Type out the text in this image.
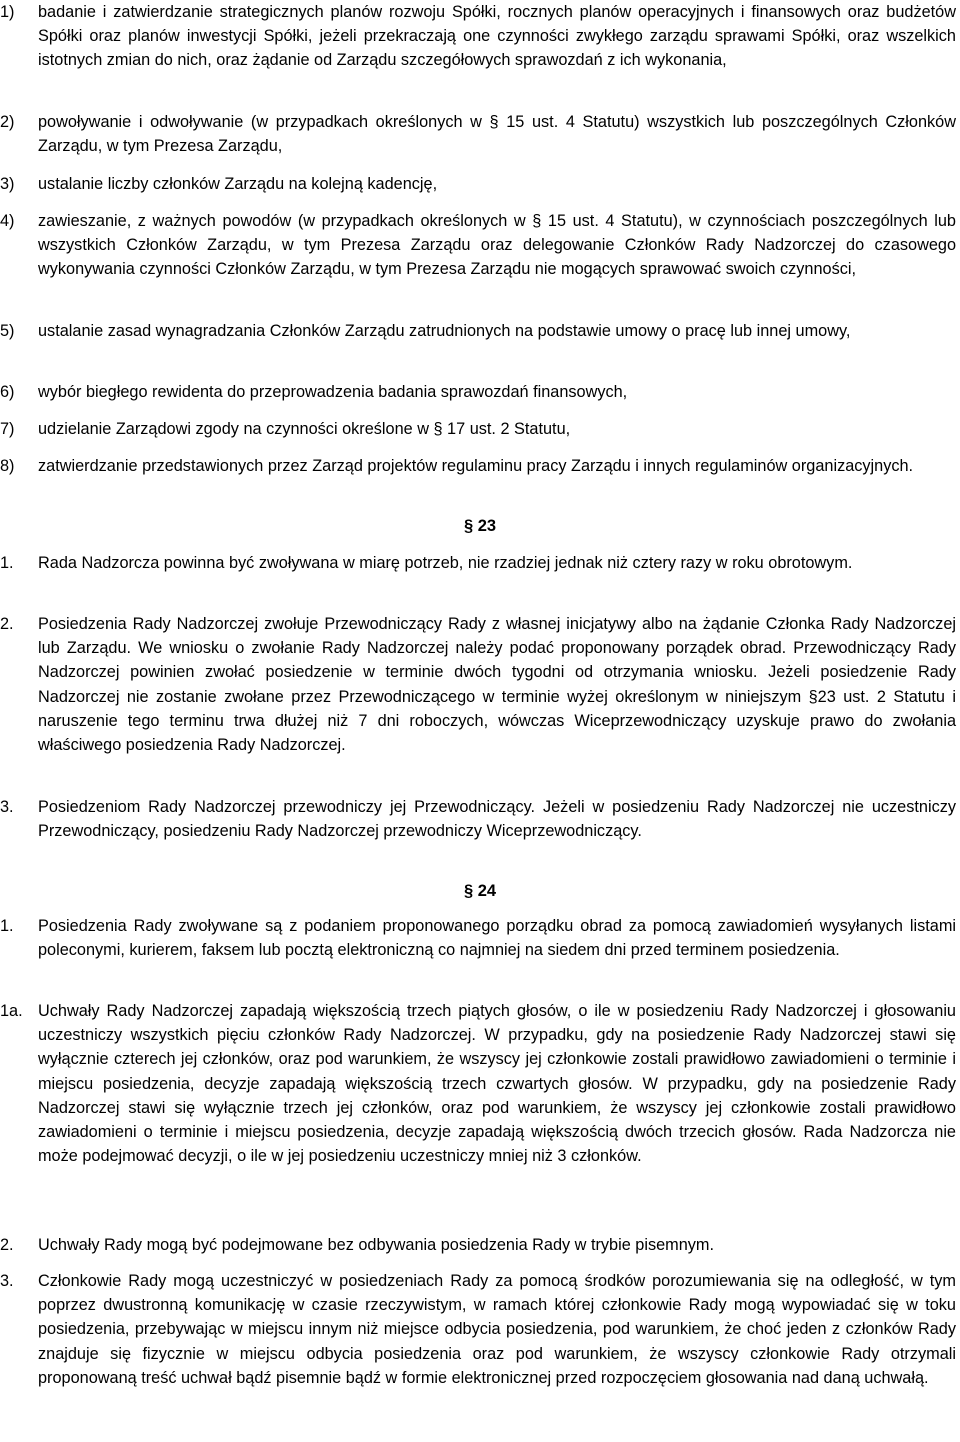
1) badanie i zatwierdzanie strategicznych planów rozwoju Spółki, rocznych planów operacyjnych i finansowych oraz budżetów Spółki oraz planów inwestycji Spółki, jeżeli przekraczają one czynności zwykłego zarządu sprawami Spółki, oraz wszelkich istotnych zmian do nich, oraz żądanie od Zarządu szczegółowych sprawozdań z ich wykonania,
2) powoływanie i odwoływanie (w przypadkach określonych w § 15 ust. 4 Statutu) wszystkich lub poszczególnych Członków Zarządu, w tym Prezesa Zarządu,
3) ustalanie liczby członków Zarządu na kolejną kadencję,
4) zawieszanie, z ważnych powodów (w przypadkach określonych w § 15 ust. 4 Statutu), w czynnościach poszczególnych lub wszystkich Członków Zarządu, w tym Prezesa Zarządu oraz delegowanie Członków Rady Nadzorczej do czasowego wykonywania czynności Członków Zarządu, w tym Prezesa Zarządu nie mogących sprawować swoich czynności,
5) ustalanie zasad wynagradzania Członków Zarządu zatrudnionych na podstawie umowy o pracę lub innej umowy,
6) wybór biegłego rewidenta do przeprowadzenia badania sprawozdań finansowych,
7) udzielanie Zarządowi zgody na czynności określone w § 17 ust. 2 Statutu,
8) zatwierdzanie przedstawionych przez Zarząd projektów regulaminu pracy Zarządu i innych regulaminów organizacyjnych.
§ 23
1. Rada Nadzorcza powinna być zwoływana w miarę potrzeb, nie rzadziej jednak niż cztery razy w roku obrotowym.
2. Posiedzenia Rady Nadzorczej zwołuje Przewodniczący Rady z własnej inicjatywy albo na żądanie Członka Rady Nadzorczej lub Zarządu. We wniosku o zwołanie Rady Nadzorczej należy podać proponowany porządek obrad. Przewodniczący Rady Nadzorczej powinien zwołać posiedzenie w terminie dwóch tygodni od otrzymania wniosku. Jeżeli posiedzenie Rady Nadzorczej nie zostanie zwołane przez Przewodniczącego w terminie wyżej określonym w niniejszym §23 ust. 2 Statutu i naruszenie tego terminu trwa dłużej niż 7 dni roboczych, wówczas Wiceprzewodniczący uzyskuje prawo do zwołania właściwego posiedzenia Rady Nadzorczej.
3. Posiedzeniom Rady Nadzorczej przewodniczy jej Przewodniczący. Jeżeli w posiedzeniu Rady Nadzorczej nie uczestniczy Przewodniczący, posiedzeniu Rady Nadzorczej przewodniczy Wiceprzewodniczący.
§ 24
1. Posiedzenia Rady zwoływane są z podaniem proponowanego porządku obrad za pomocą zawiadomień wysyłanych listami poleconymi, kurierem, faksem lub pocztą elektroniczną co najmniej na siedem dni przed terminem posiedzenia.
1a. Uchwały Rady Nadzorczej zapadają większością trzech piątych głosów, o ile w posiedzeniu Rady Nadzorczej i głosowaniu uczestniczy wszystkich pięciu członków Rady Nadzorczej. W przypadku, gdy na posiedzenie Rady Nadzorczej stawi się wyłącznie czterech jej członków, oraz pod warunkiem, że wszyscy jej członkowie zostali prawidłowo zawiadomieni o terminie i miejscu posiedzenia, decyzje zapadają większością trzech czwartych głosów. W przypadku, gdy na posiedzenie Rady Nadzorczej stawi się wyłącznie trzech jej członków, oraz pod warunkiem, że wszyscy jej członkowie zostali prawidłowo zawiadomieni o terminie i miejscu posiedzenia, decyzje zapadają większością dwóch trzecich głosów. Rada Nadzorcza nie może podejmować decyzji, o ile w jej posiedzeniu uczestniczy mniej niż 3 członków.
2. Uchwały Rady mogą być podejmowane bez odbywania posiedzenia Rady w trybie pisemnym.
3. Członkowie Rady mogą uczestniczyć w posiedzeniach Rady za pomocą środków porozumiewania się na odległość, w tym poprzez dwustronną komunikację w czasie rzeczywistym, w ramach której członkowie Rady mogą wypowiadać się w toku posiedzenia, przebywając w miejscu innym niż miejsce odbycia posiedzenia, pod warunkiem, że choć jeden z członków Rady znajduje się fizycznie w miejscu odbycia posiedzenia oraz pod warunkiem, że wszyscy członkowie Rady otrzymali proponowaną treść uchwał bądź pisemnie bądź w formie elektronicznej przed rozpoczęciem głosowania nad daną uchwałą.
